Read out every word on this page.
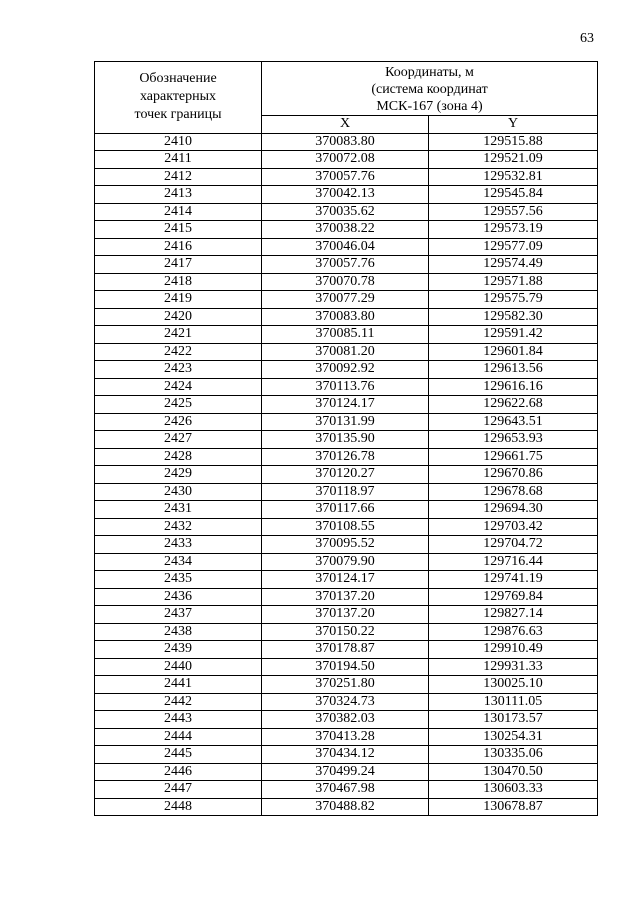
63
Обозначение
характерных
точек границы	Координаты, м
(система координат
МСК-167 (зона 4)	

	X	Y
2410	370083.80	129515.88
2411	370072.08	129521.09
2412	370057.76	129532.81
2413	370042.13	129545.84
2414	370035.62	129557.56
2415	370038.22	129573.19
2416	370046.04	129577.09
2417	370057.76	129574.49
2418	370070.78	129571.88
2419	370077.29	129575.79
2420	370083.80	129582.30
2421	370085.11	129591.42
2422	370081.20	129601.84
2423	370092.92	129613.56
2424	370113.76	129616.16
2425	370124.17	129622.68
2426	370131.99	129643.51
2427	370135.90	129653.93
2428	370126.78	129661.75
2429	370120.27	129670.86
2430	370118.97	129678.68
2431	370117.66	129694.30
2432	370108.55	129703.42
2433	370095.52	129704.72
2434	370079.90	129716.44
2435	370124.17	129741.19
2436	370137.20	129769.84
2437	370137.20	129827.14
2438	370150.22	129876.63
2439	370178.87	129910.49
2440	370194.50	129931.33
2441	370251.80	130025.10
2442	370324.73	130111.05
2443	370382.03	130173.57
2444	370413.28	130254.31
2445	370434.12	130335.06
2446	370499.24	130470.50
2447	370467.98	130603.33
2448	370488.82	130678.87
